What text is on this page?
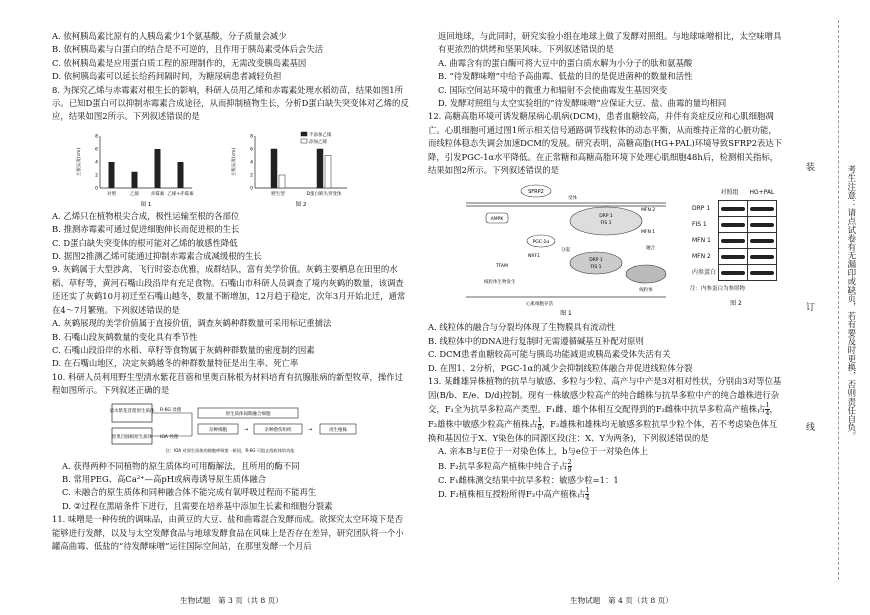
A. 依柯胰岛素比原有的人胰岛素少1个氨基酸，分子质量会减少

B. 依柯胰岛素与白蛋白的结合是不可逆的，且作用于胰岛素受体后会失活

C. 依柯胰岛素是应用蛋白质工程的原理制作的，无需改变胰岛素基因

D. 依柯胰岛素可以延长给药间隔时间，为糖尿病患者减轻负担

8. 为探究乙烯与赤霉素对根生长的影响，科研人员用乙烯和赤霉素处理水稻幼苗，结果如图1所示。已知D蛋白可以抑制赤霉素合成途径，从而抑制植物生长，分析D蛋白缺失突变体对乙烯的反应，结果如图2所示。下列叙述错误的是

8
6
4
2
0
主根长度(cm)
对照	乙烯	赤霉素 乙烯+赤霉素
图 1
8
6
4
2
0
主根长度(cm)
野生型	D蛋白缺失突变体
不添加乙烯
添加乙烯
图 2

A. 乙烯只在植物根尖合成，极性运输至根的各部位

B. 推测赤霉素可通过促进细胞伸长而促进根的生长

C. D蛋白缺失突变体的根可能对乙烯的敏感性降低

D. 据图2推测乙烯可能通过抑制赤霉素合成减缓根的生长

9. 灰鹤属于大型涉禽，飞行时姿态优雅，成群结队，富有美学价值。灰鹤主要栖息在田里的水稻、草籽等，黄河石嘴山段沿岸有充足食物。石嘴山市科研人员调查了境内灰鹤的数量，该调查还还实了灰鹤10月初迁至石嘴山越冬，数量不断增加，12月趋于稳定，次年3月开始北迁，通常在4～7月繁殖。下列叙述错误的是

A. 灰鹤展现的美学价值属于直接价值，调查灰鹤种群数量可采用标记重捕法

B. 石嘴山段灰鹤数量的变化具有季节性

C. 石嘴山段沿岸的水稻、草籽等食物属于灰鹤种群数量的密度制约因素

D. 在石嘴山地区，决定灰鹤越冬的种群数量特征是出生率、死亡率

10. 科研人员利用野生型清水紫花苜蓿和里奥百脉根为材料培育有抗腺胀病的新型牧草，操作过程如图所示。下列叙述正确的是

清水紫花苜蓿原生质体
里奥百脉根原生质体
R-6G 处理
IOA 处理
原生质体间期融合细胞
杂种细胞	→	杂种愈伤组织	→	再生植株
注：IOA 对原生质体的细胞呼吸第一阶段，R-6G 可阻止线粒体的功能

A. 获得两种不同植物的原生质体均可用酶解法，且所用的酶不同

B. 常用PEG、高Ca²⁺—高pH或病毒诱导原生质体融合

C. 未融合的原生质体和同种融合体不能完成有氧呼吸过程而不能再生

D. ②过程在黑暗条件下进行，且需要在培养基中添加生长素和细胞分裂素

11. 味噌是一种传统的调味品，由黄豆的大豆、盐和曲霉混合发酵而成。欲探究太空环境下是否能够进行发酵，以及与太空发酵食品与地球发酵食品在风味上是否存在差异，研究团队将一个小罐高曲霉、低盐的“待发酵味噌”运往国际空间站，在那里发酵一个月后

生物试题　第 3 页（共 8 页）

返回地球，与此同时，研究实验小组在地球上做了发酵对照组。与地球味噌相比，太空味噌具有更浓烈的烘烤和坚果风味。下列叙述错误的是

A. 曲霉含有的蛋白酶可将大豆中的蛋白质水解为小分子的肽和氨基酸

B. “待发酵味噌”中给予高曲霉、低盐的目的是促进菌种的数量和活性

C. 国际空间站环境中的微重力和辐射不会使曲霉发生基因突变

D. 发酵对照组与太空实验组的“待发酵味噌”应保证大豆、盐、曲霉的量均相同

12. 高糖高脂环境可诱发糖尿病心肌病(DCM)，患者血糖较高，并伴有炎症反应和心肌细胞凋亡。心肌细胞可通过图1所示相关信号通路调节线粒体的动态平衡，从而维持正常的心脏功能，而线粒体稳态失调会加速DCM的发展。研究表明，高糖高脂(HG+PAL)环境导致SFRP2表达下降，引发PGC-1α水平降低。在正常糖和高糖高脂环境下处理心肌细胞48h后，检测相关指标，结果如图2所示。下列叙述错误的是

SFRP2
受体
AMPK
PGC-1α
DRP 1
FIS 1
MFN 2
MFN 1
TFAM
NRF1
DRP 1
FIS 1
线粒体生物发生
融合
分裂
线粒体
心肌细胞存活
图 1
	对照组	HG+PAL
DRP 1	

FIS 1	

MFN 1	

MFN 2	

内参蛋白	

注：内参蛋白为参照物
图 2

A. 线粒体的融合与分裂均体现了生物膜具有流动性

B. 线粒体中的DNA进行复制时无需遵循碱基互补配对原则

C. DCM患者血糖较高可能与胰岛功能减退或胰岛素受体失活有关

D. 在图1、2分析，PGC-1α的减少会抑制线粒体融合并促进线粒体分裂

13. 某雌雄异株植物的抗旱与敏感、多粒与少粒、高产与中产是3对相对性状，分别由3对等位基因(B/b、E/e、D/d)控制。现有一株敏感少粒高产的纯合雌株与抗旱多粒中产的纯合雄株进行杂交，F₁全为抗旱多粒高产类型。F₁雌、雄个体相互交配得到的F₂雌株中抗旱多粒高产植株占 $\frac{1}{4}$ ，F₂雄株中敏感少粒高产植株占 $\frac{1}{8}$ ，F₂雄株和雄株均无敏感多粒抗旱少粒个体，若不考虑染色体互换和基因位于X、Y染色体的同源区段(注：X、Y为两条)，下列叙述错误的是

A. 亲本B与E位于一对染色体上，b与e位于一对染色体上

B. F₂抗旱多粒高产植株中纯合子占 $\frac{2}{9}$

C. F₁雌株测交结果中抗旱多粒：敏感少粒=1：1

D. F₂植株相互授粉所得F₃中高产植株占 $\frac{1}{4}$

生物试题　第 4 页（共 8 页）
装
订
线	考生注意：请点试卷有无漏印或缺页，若有要及时更换，否则责任自负。
